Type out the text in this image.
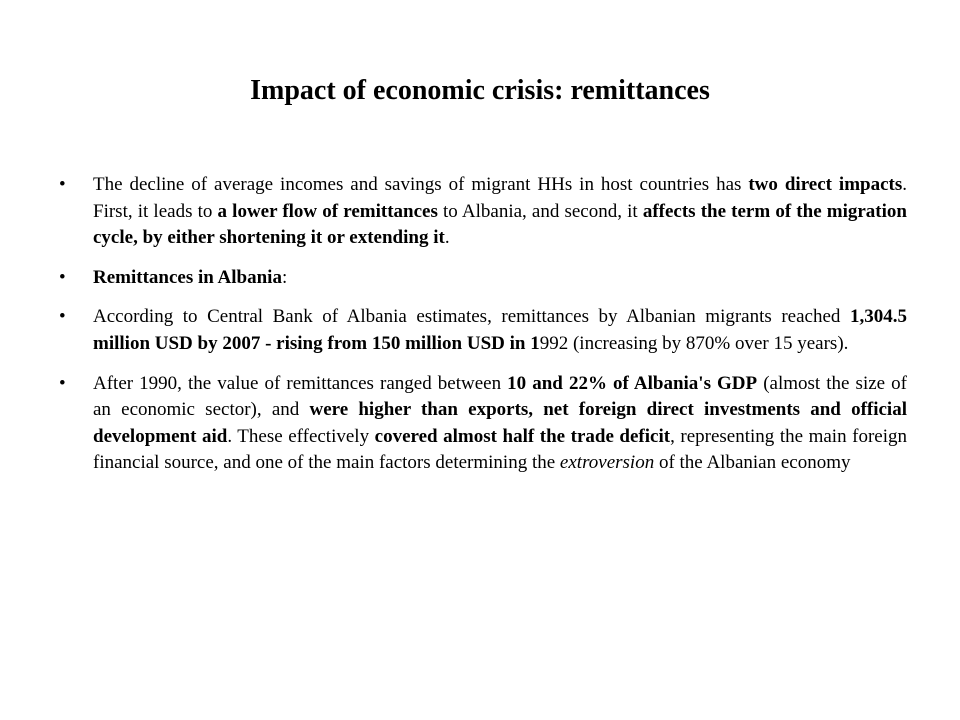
Impact of economic crisis: remittances
•	The decline of average incomes and savings of migrant HHs in host countries has two direct impacts. First, it leads to a lower flow of remittances to Albania, and second, it affects the term of the migration cycle, by either shortening it or extending it.
•	Remittances in Albania:
•	According to Central Bank of Albania estimates, remittances by Albanian migrants reached 1,304.5 million USD by 2007 - rising from 150 million USD in 1992 (increasing by 870% over 15 years).
•	After 1990, the value of remittances ranged between 10 and 22% of Albania's GDP (almost the size of an economic sector), and were higher than exports, net foreign direct investments and official development aid. These effectively covered almost half the trade deficit, representing the main foreign financial source, and one of the main factors determining the extroversion of the Albanian economy
